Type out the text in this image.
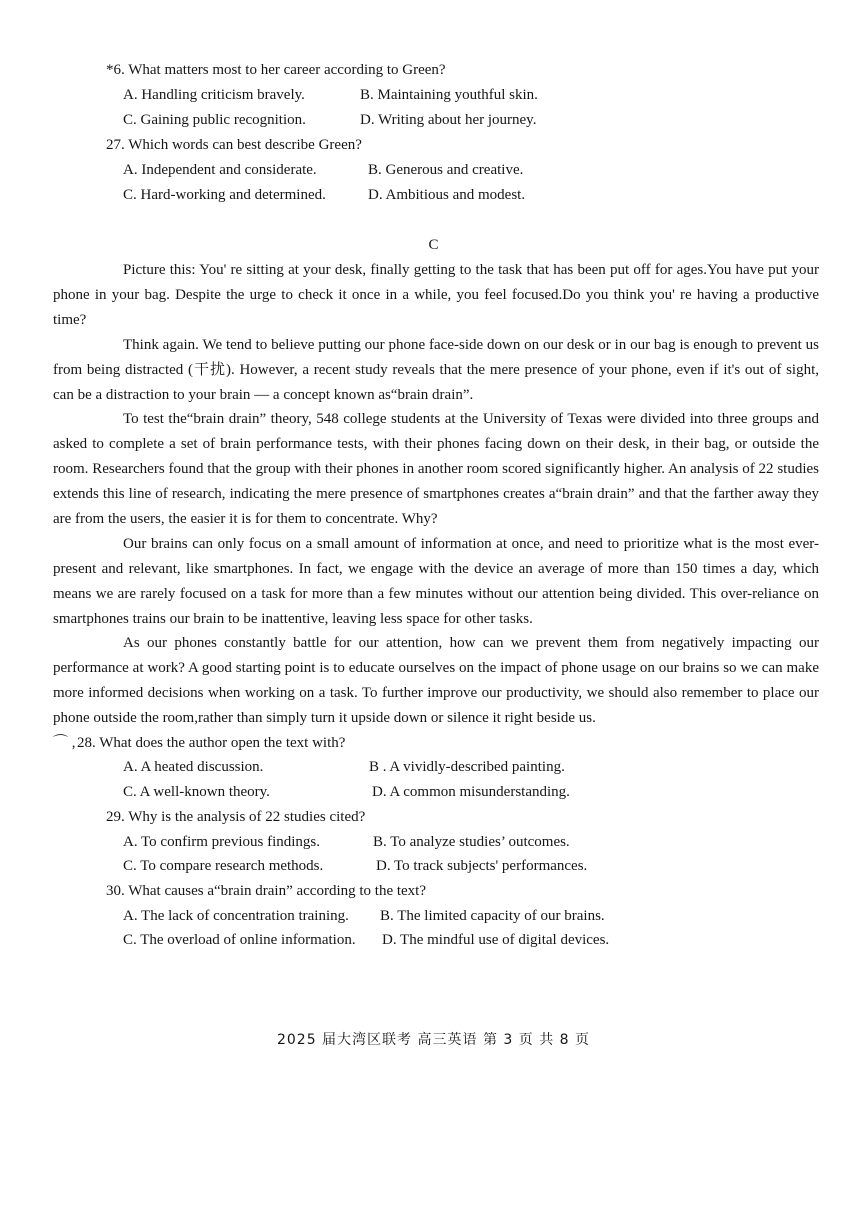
*6. What matters most to her career according to Green?
A. Handling criticism bravely.	B. Maintaining youthful skin.
C. Gaining public recognition.	D. Writing about her journey.
27. Which words can best describe Green?
A. Independent and considerate.	B. Generous and creative.
C. Hard-working and determined.	D. Ambitious and modest.
C

Picture this: You' re sitting at your desk, finally getting to the task that has been put off for ages.You have put your phone in your bag. Despite the urge to check it once in a while, you feel focused.Do you think you' re having a productive time?

Think again. We tend to believe putting our phone face-side down on our desk or in our bag is enough to prevent us from being distracted (干扰). However, a recent study reveals that the mere presence of your phone, even if it's out of sight, can be a distraction to your brain — a concept known as“brain drain”.

To test the“brain drain” theory, 548 college students at the University of Texas were divided into three groups and asked to complete a set of brain performance tests, with their phones facing down on their desk, in their bag, or outside the room. Researchers found that the group with their phones in another room scored significantly higher. An analysis of 22 studies extends this line of research, indicating the mere presence of smartphones creates a“brain drain” and that the farther away they are from the users, the easier it is for them to concentrate. Why?

Our brains can only focus on a small amount of information at once, and need to prioritize what is the most ever-present and relevant, like smartphones. In fact, we engage with the device an average of more than 150 times a day, which means we are rarely focused on a task for more than a few minutes without our attention being divided. This over-reliance on smartphones trains our brain to be inattentive, leaving less space for other tasks.

As our phones constantly battle for our attention, how can we prevent them from negatively impacting our performance at work? A good starting point is to educate ourselves on the impact of phone usage on our brains so we can make more informed decisions when working on a task. To further improve our productivity, we should also remember to place our phone outside the room,rather than simply turn it upside down or silence it right beside us.

⌒ , 28. What does the author open the text with?
A. A heated discussion.	B . A vividly-described painting.
C. A well-known theory.	D. A common misunderstanding.
29. Why is the analysis of 22 studies cited?
A. To confirm previous findings.	B. To analyze studies’ outcomes.
C. To compare research methods.	D. To track subjects' performances.
30. What causes a“brain drain” according to the text?
A. The lack of concentration training. B. The limited capacity of our brains.
C. The overload of online information. D. The mindful use of digital devices.
2025 届大湾区联考 高三英语 第 3 页 共 8 页
